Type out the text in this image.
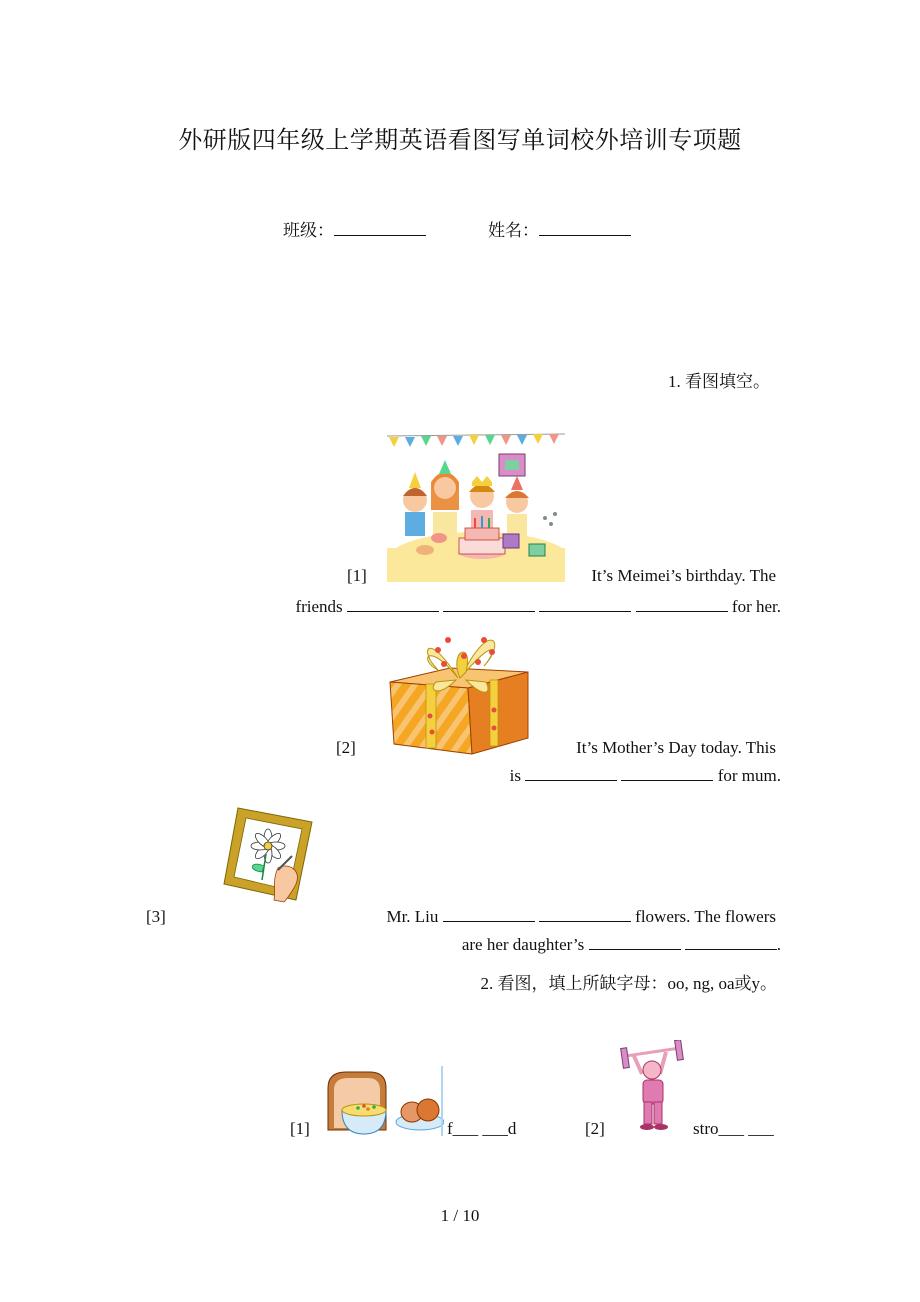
外研版四年级上学期英语看图写单词校外培训专项题
班级：	姓名：
1. 看图填空。
[1]	It’s Meimei’s birthday. The
friends	for her.
[2]	It’s Mother’s Day today. This
is	for mum.
[3]	Mr. Liu	flowers. The flowers
are her daughter’s	.
2. 看图，填上所缺字母：oo, ng, oa或y。
[1]	f___ ___d	[2]	stro___ ___
1 / 10
